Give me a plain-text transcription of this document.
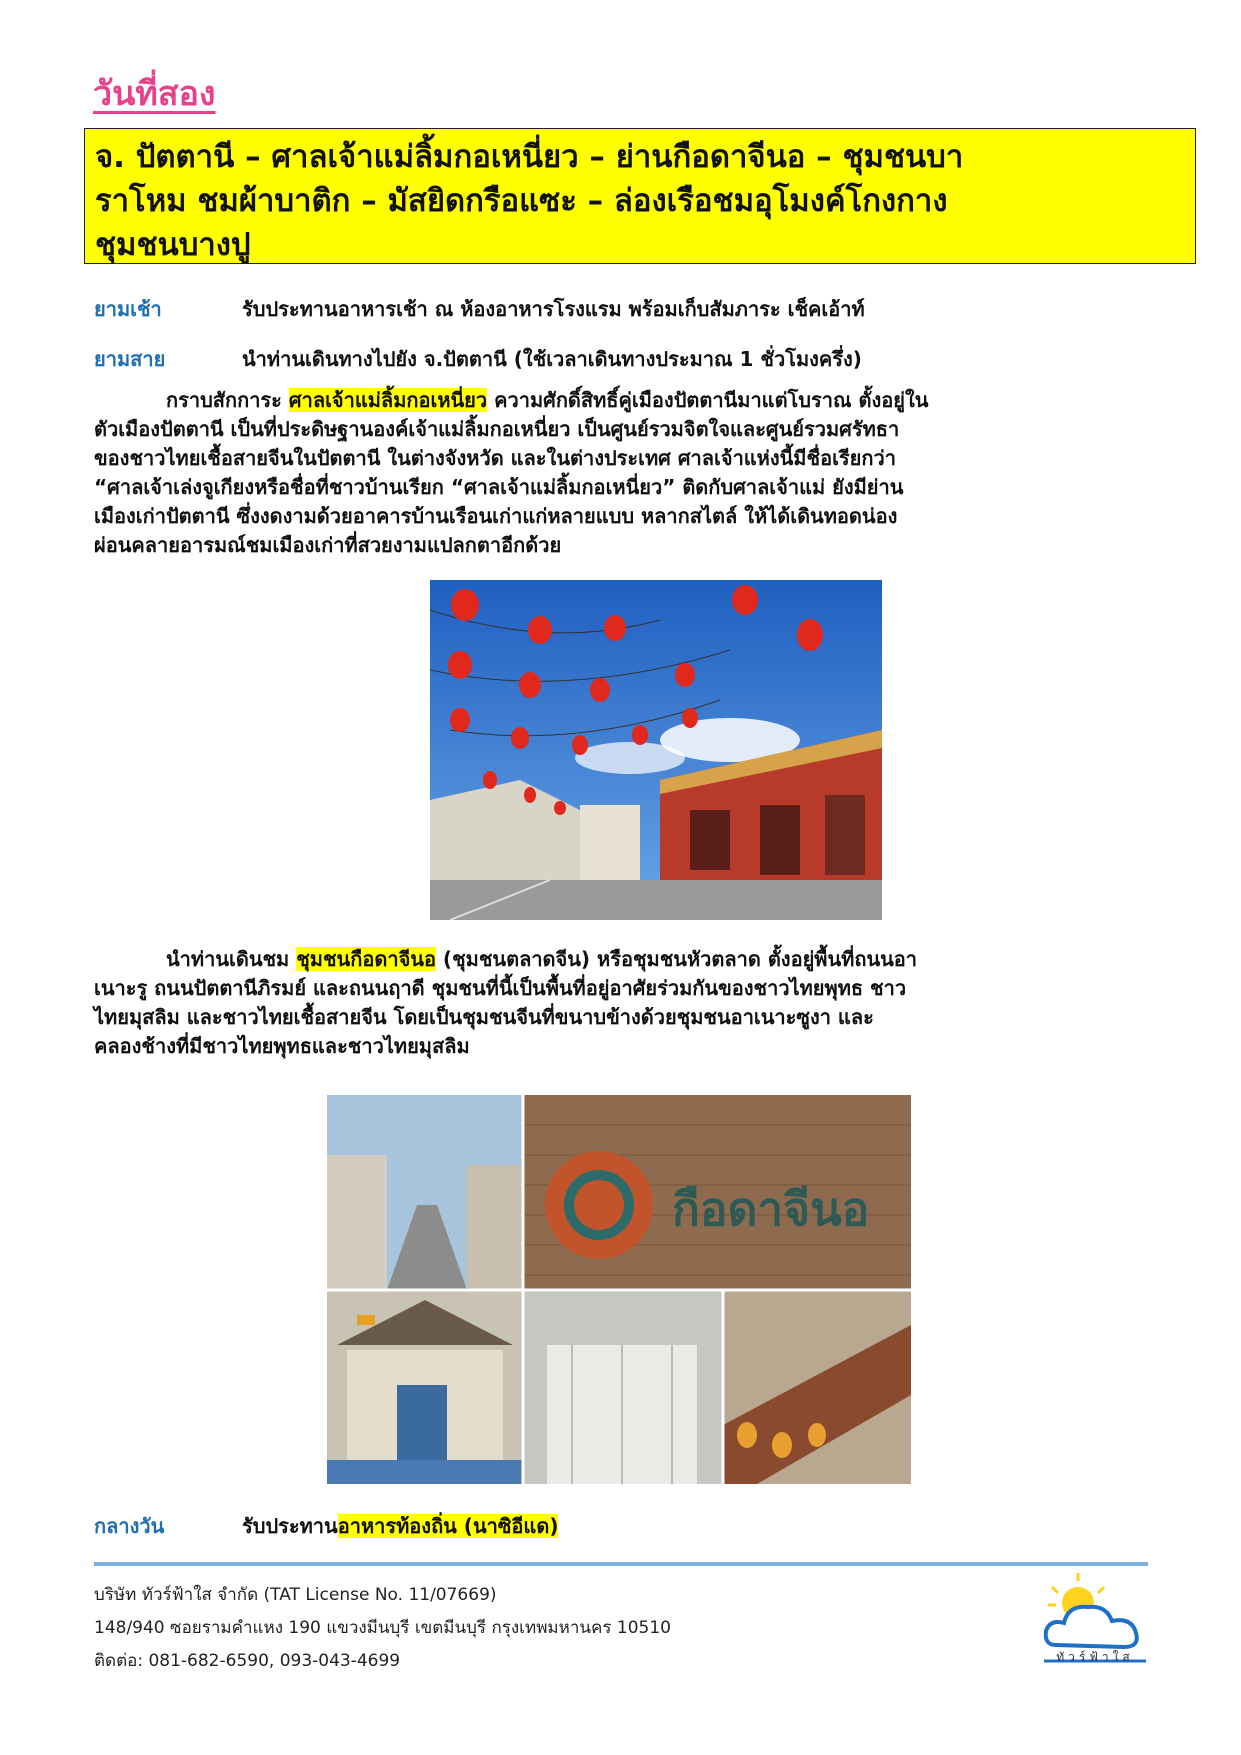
วันที่สอง
จ. ปัตตานี – ศาลเจ้าแม่ลิ้มกอเหนี่ยว – ย่านกือดาจีนอ – ชุมชนบา
ราโหม ชมผ้าบาติก – มัสยิดกรือแซะ – ล่องเรือชมอุโมงค์โกงกาง
ชุมชนบางปู
ยามเช้า	รับประทานอาหารเช้า ณ ห้องอาหารโรงแรม พร้อมเก็บสัมภาระ เช็คเอ้าท์
ยามสาย	นำท่านเดินทางไปยัง จ.ปัตตานี (ใช้เวลาเดินทางประมาณ 1 ชั่วโมงครึ่ง)
กราบสักการะ ศาลเจ้าแม่ลิ้มกอเหนี่ยว ความศักดิ์สิทธิ์คู่เมืองปัตตานีมาแต่โบราณ ตั้งอยู่ใน
ตัวเมืองปัตตานี เป็นที่ประดิษฐานองค์เจ้าแม่ลิ้มกอเหนี่ยว เป็นศูนย์รวมจิตใจและศูนย์รวมศรัทธา
ของชาวไทยเชื้อสายจีนในปัตตานี ในต่างจังหวัด และในต่างประเทศ ศาลเจ้าแห่งนี้มีชื่อเรียกว่า
“ศาลเจ้าเล่งจูเกียงหรือชื่อที่ชาวบ้านเรียก “ศาลเจ้าแม่ลิ้มกอเหนี่ยว” ติดกับศาลเจ้าแม่ ยังมีย่าน
เมืองเก่าปัตตานี ซึ่งงดงามด้วยอาคารบ้านเรือนเก่าแก่หลายแบบ หลากสไตล์ ให้ได้เดินทอดน่อง
ผ่อนคลายอารมณ์ชมเมืองเก่าที่สวยงามแปลกตาอีกด้วย
นำท่านเดินชม ชุมชนกือดาจีนอ (ชุมชนตลาดจีน) หรือชุมชนหัวตลาด ตั้งอยู่พื้นที่ถนนอา
เนาะรู ถนนปัตตานีภิรมย์ และถนนฤาดี ชุมชนที่นี้เป็นพื้นที่อยู่อาศัยร่วมกันของชาวไทยพุทธ ชาว
ไทยมุสลิม และชาวไทยเชื้อสายจีน โดยเป็นชุมชนจีนที่ขนาบข้างด้วยชุมชนอาเนาะซูงา และ
คลองช้างที่มีชาวไทยพุทธและชาวไทยมุสลิม
กือดาจีนอ
กลางวัน	รับประทานอาหารท้องถิ่น (นาซิอีแด)
บริษัท ทัวร์ฟ้าใส จำกัด (TAT License No. 11/07669)
148/940 ซอยรามคำแหง 190 แขวงมีนบุรี เขตมีนบุรี กรุงเทพมหานคร 10510
ติดต่อ: 081-682-6590, 093-043-4699	ทัวร์ฟ้าใส
